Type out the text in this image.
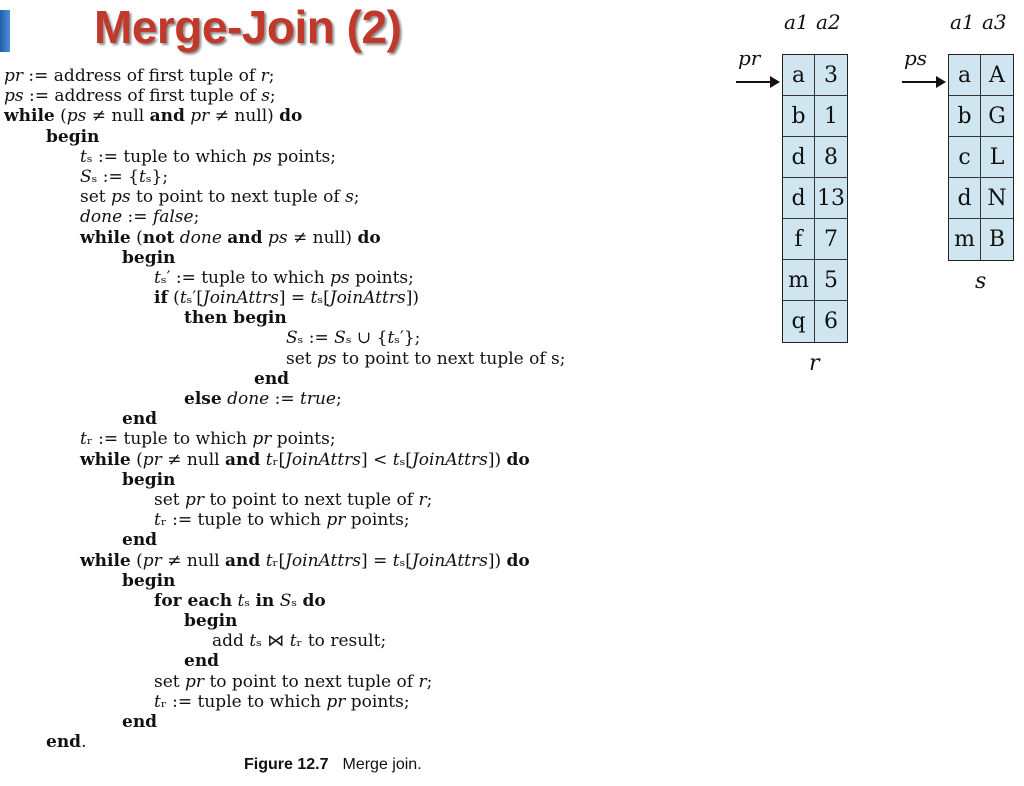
Merge-Join (2)
pr := address of first tuple of r;
ps := address of first tuple of s;
while (ps ≠ null and pr ≠ null) do
begin
tₛ := tuple to which ps points;
Sₛ := {tₛ};
set ps to point to next tuple of s;
done := false;
while (not done and ps ≠ null) do
begin
tₛ′ := tuple to which ps points;
if (tₛ′[JoinAttrs] = tₛ[JoinAttrs])
then begin
Sₛ := Sₛ ∪ {tₛ′};
set ps to point to next tuple of s;
end
else done := true;
end
tᵣ := tuple to which pr points;
while (pr ≠ null and tᵣ[JoinAttrs] < tₛ[JoinAttrs]) do
begin
set pr to point to next tuple of r;
tᵣ := tuple to which pr points;
end
while (pr ≠ null and tᵣ[JoinAttrs] = tₛ[JoinAttrs]) do
begin
for each tₛ in Sₛ do
begin
add tₛ ⋈ tᵣ to result;
end
set pr to point to next tuple of r;
tᵣ := tuple to which pr points;
end
end.
Figure 12.7 Merge join.
a1 a2
pr
a 3
b 1
d 8
d 13
f 7
m 5
q 6
r
a1 a3
ps
a A
b G
c L
d N
m B
s
